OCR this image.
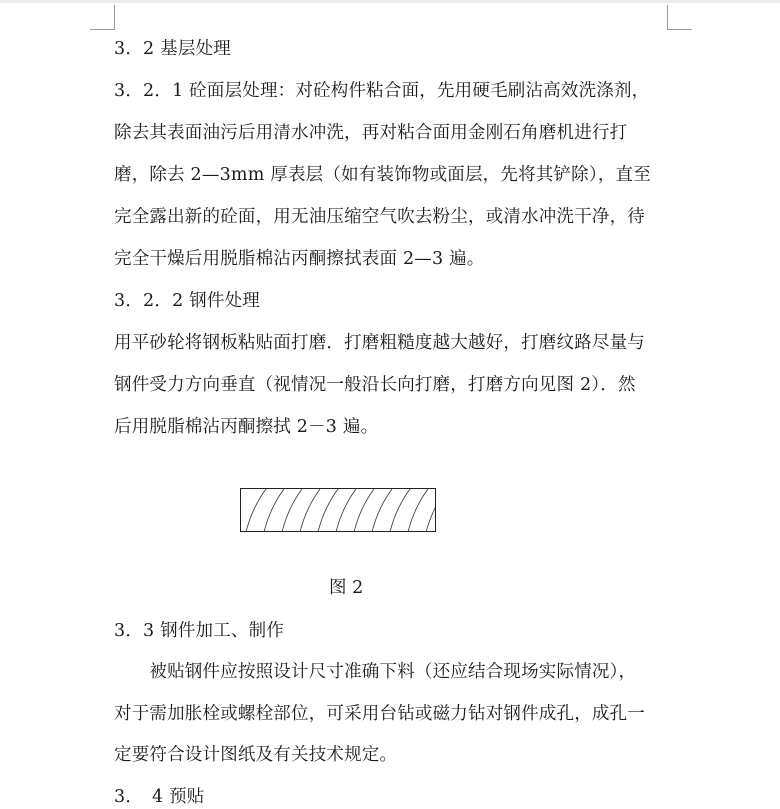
3．2 基层处理
3．2．1 砼面层处理：对砼构件粘合面，先用硬毛刷沾高效洗涤剂，
除去其表面油污后用清水冲洗，再对粘合面用金刚石角磨机进行打
磨，除去 2—3mm 厚表层（如有装饰物或面层，先将其铲除），直至
完全露出新的砼面，用无油压缩空气吹去粉尘，或清水冲洗干净，待
完全干燥后用脱脂棉沾丙酮擦拭表面 2—3 遍。
3．2．2 钢件处理
用平砂轮将钢板粘贴面打磨．打磨粗糙度越大越好，打磨纹路尽量与
钢件受力方向垂直（视情况一般沿长向打磨，打磨方向见图 2）．然
后用脱脂棉沾丙酮擦拭 2－3 遍。
图 2
3．3 钢件加工、制作
　　被贴钢件应按照设计尺寸准确下料（还应结合现场实际情况），
对于需加胀栓或螺栓部位，可采用台钻或磁力钻对钢件成孔，成孔一
定要符合设计图纸及有关技术规定。
3．　4 预贴
